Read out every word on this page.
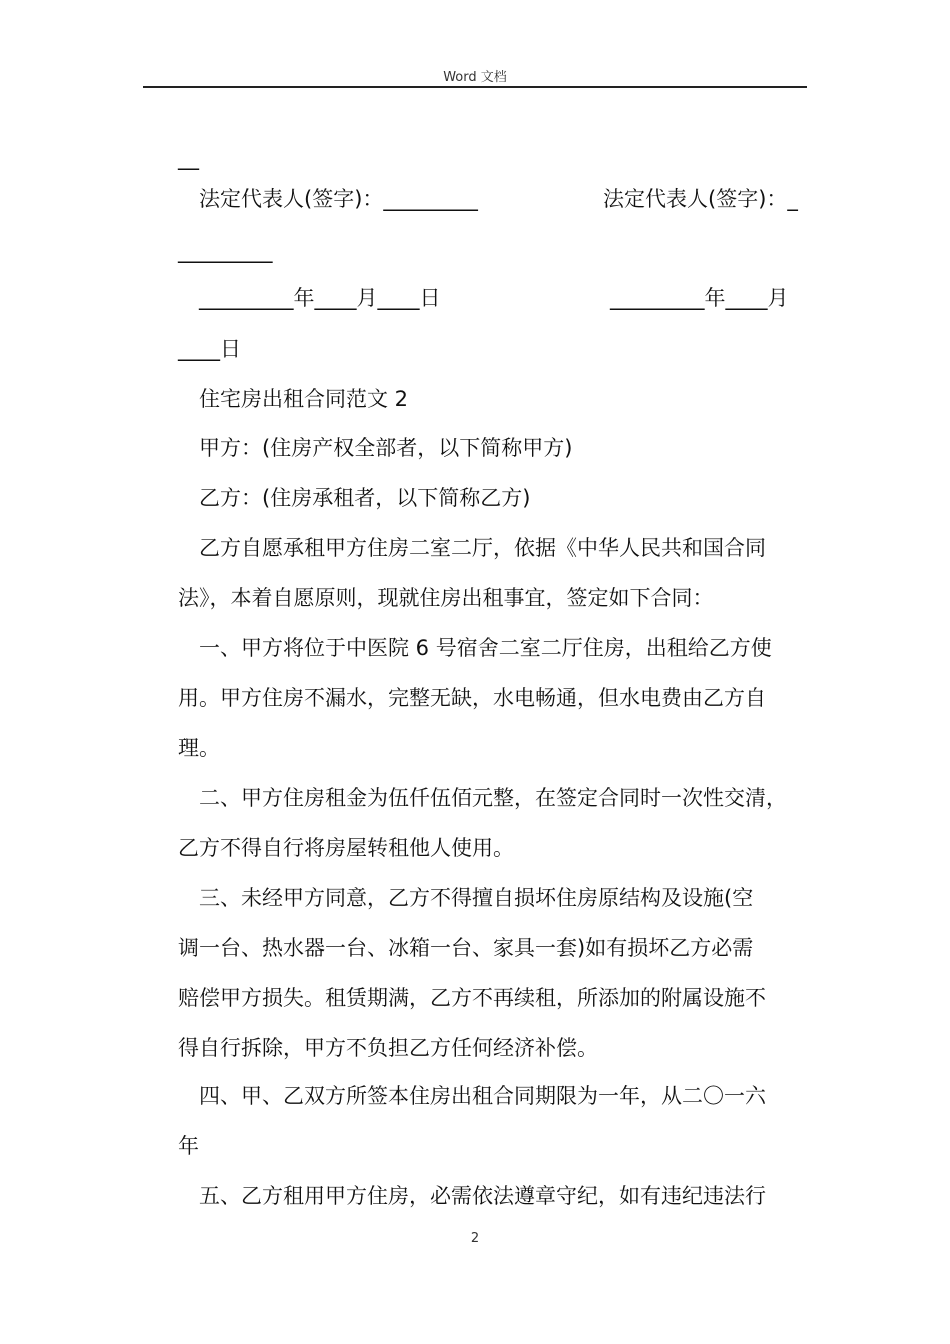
Word 文档
__
法定代表人(签字)：_________	法定代表人(签字)：_
_________
_________年____月____日	_________年____月
____日
住宅房出租合同范文 2
甲方：(住房产权全部者，以下简称甲方)
乙方：(住房承租者，以下简称乙方)
乙方自愿承租甲方住房二室二厅，依据《中华人民共和国合同
法》，本着自愿原则，现就住房出租事宜，签定如下合同：
一、甲方将位于中医院 6 号宿舍二室二厅住房，出租给乙方使
用。甲方住房不漏水，完整无缺，水电畅通，但水电费由乙方自
理。
二、甲方住房租金为伍仟伍佰元整，在签定合同时一次性交清，
乙方不得自行将房屋转租他人使用。
三、未经甲方同意，乙方不得擅自损坏住房原结构及设施(空
调一台、热水器一台、冰箱一台、家具一套)如有损坏乙方必需
赔偿甲方损失。租赁期满，乙方不再续租，所添加的附属设施不
得自行拆除，甲方不负担乙方任何经济补偿。
四、甲、乙双方所签本住房出租合同期限为一年，从二〇一六
年
五、乙方租用甲方住房，必需依法遵章守纪，如有违纪违法行
2
